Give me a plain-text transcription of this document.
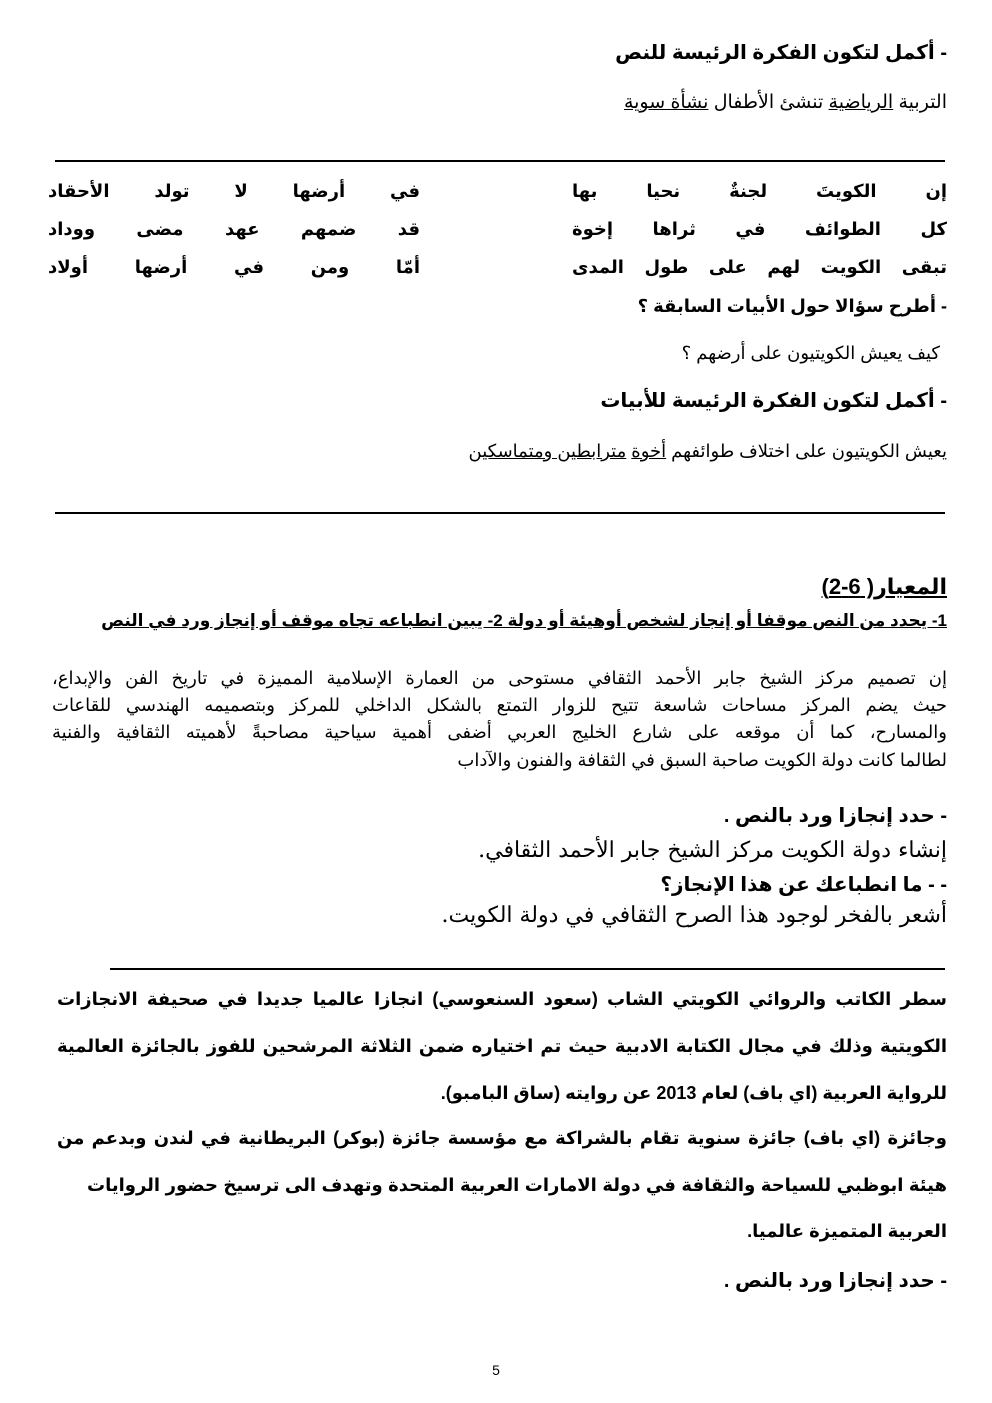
- أكمل لتكون الفكرة الرئيسة للنص
التربية الرياضية تنشئ الأطفال نشأة سوية
إن الكويتَ لجنةٌ نحيا بها
في أرضها لا تولد الأحقاد
كل الطوائف في ثراها إخوة
قد ضمهم عهد مضى ووداد
تبقى الكويت لهم على طول المدى
أمّا ومن في أرضها أولاد
- أطرح سؤالا حول الأبيات السابقة ؟
كيف يعيش الكويتيون على أرضهم ؟
- أكمل لتكون الفكرة الرئيسة للأبيات
يعيش الكويتيون على اختلاف طوائفهم أخوة مترابطين ومتماسكين
المعيار( 6-2)
1- يحدد من النص موقفا أو إنجاز لشخص أوهيئة أو دولة 2- يبين انطباعه تجاه موقف أو إنجاز ورد في النص
إن تصميم مركز الشيخ جابر الأحمد الثقافي مستوحى من العمارة الإسلامية المميزة في تاريخ الفن والإبداع،
حيث يضم المركز مساحات شاسعة تتيح للزوار التمتع بالشكل الداخلي للمركز وبتصميمه الهندسي للقاعات
والمسارح، كما أن موقعه على شارع الخليج العربي أضفى أهمية سياحية مصاحبةً لأهميته الثقافية والفنية
لطالما كانت دولة الكويت صاحبة السبق في الثقافة والفنون والآداب
- حدد إنجازا ورد بالنص .
إنشاء دولة الكويت مركز الشيخ جابر الأحمد الثقافي.
- - ما انطباعك عن هذا الإنجاز؟
أشعر بالفخر لوجود هذا الصرح الثقافي في دولة الكويت.
سطر الكاتب والروائي الكويتي الشاب (سعود السنعوسي) انجازا عالميا جديدا في صحيفة الانجازات
الكويتية وذلك في مجال الكتابة الادبية حيث تم اختياره ضمن الثلاثة المرشحين للفوز بالجائزة العالمية
للرواية العربية (اي باف) لعام 2013 عن روايته (ساق البامبو).
وجائزة (اي باف) جائزة سنوية تقام بالشراكة مع مؤسسة جائزة (بوكر) البريطانية في لندن وبدعم من
هيئة ابوظبي للسياحة والثقافة في دولة الامارات العربية المتحدة وتهدف الى ترسيخ حضور الروايات
العربية المتميزة عالميا.
- حدد إنجازا ورد بالنص .
5
